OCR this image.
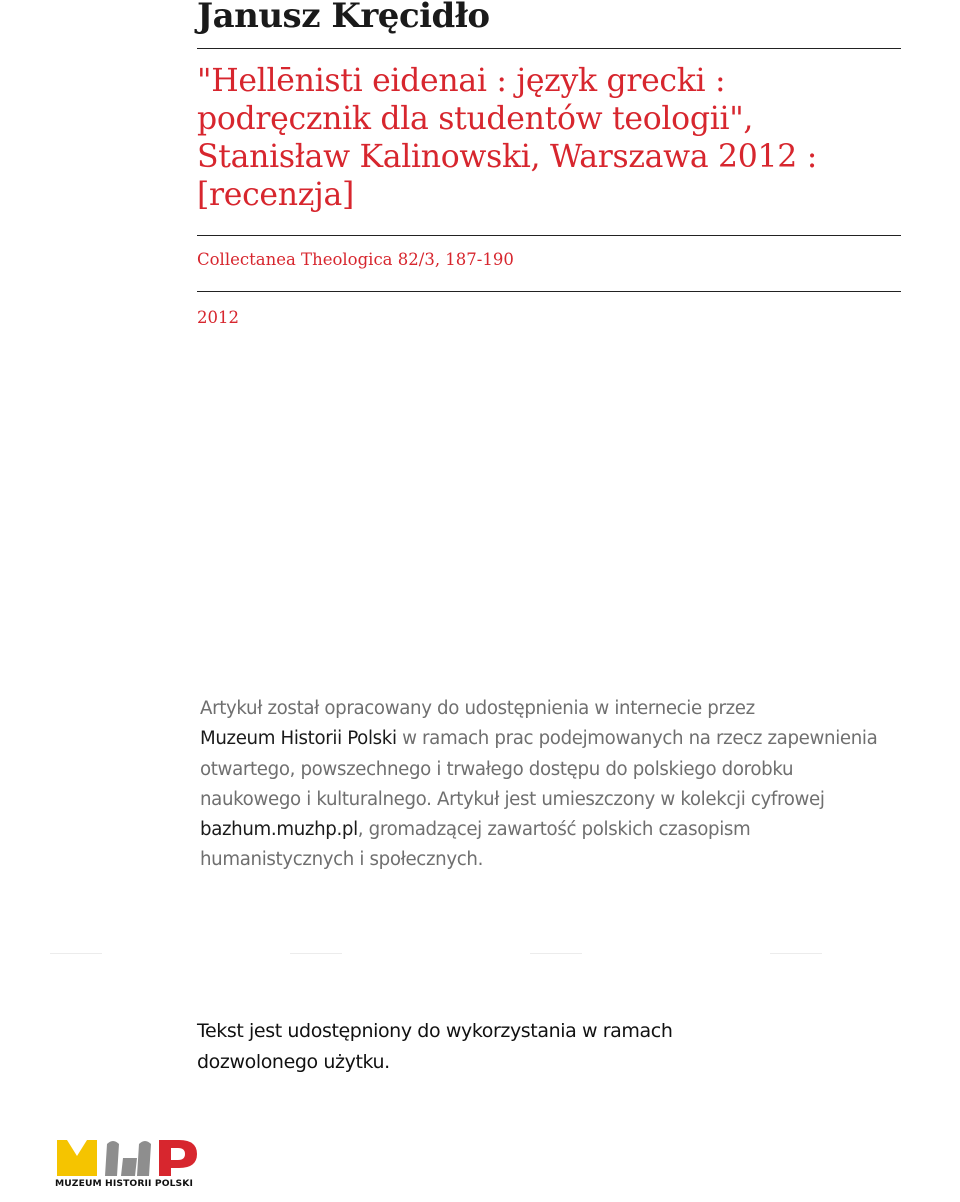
Janusz Kręcidło
"Hellēnisti eidenai : język grecki : podręcznik dla studentów teologii", Stanisław Kalinowski, Warszawa 2012 : [recenzja]
Collectanea Theologica 82/3, 187-190
2012
Artykuł został opracowany do udostępnienia w internecie przez
Muzeum Historii Polski w ramach prac podejmowanych na rzecz zapewnienia otwartego, powszechnego i trwałego dostępu do polskiego dorobku naukowego i kulturalnego. Artykuł jest umieszczony w kolekcji cyfrowej bazhum.muzhp.pl, gromadzącej zawartość polskich czasopism humanistycznych i społecznych.
Tekst jest udostępniony do wykorzystania w ramach dozwolonego użytku.
MUZEUM HISTORII POLSKI
